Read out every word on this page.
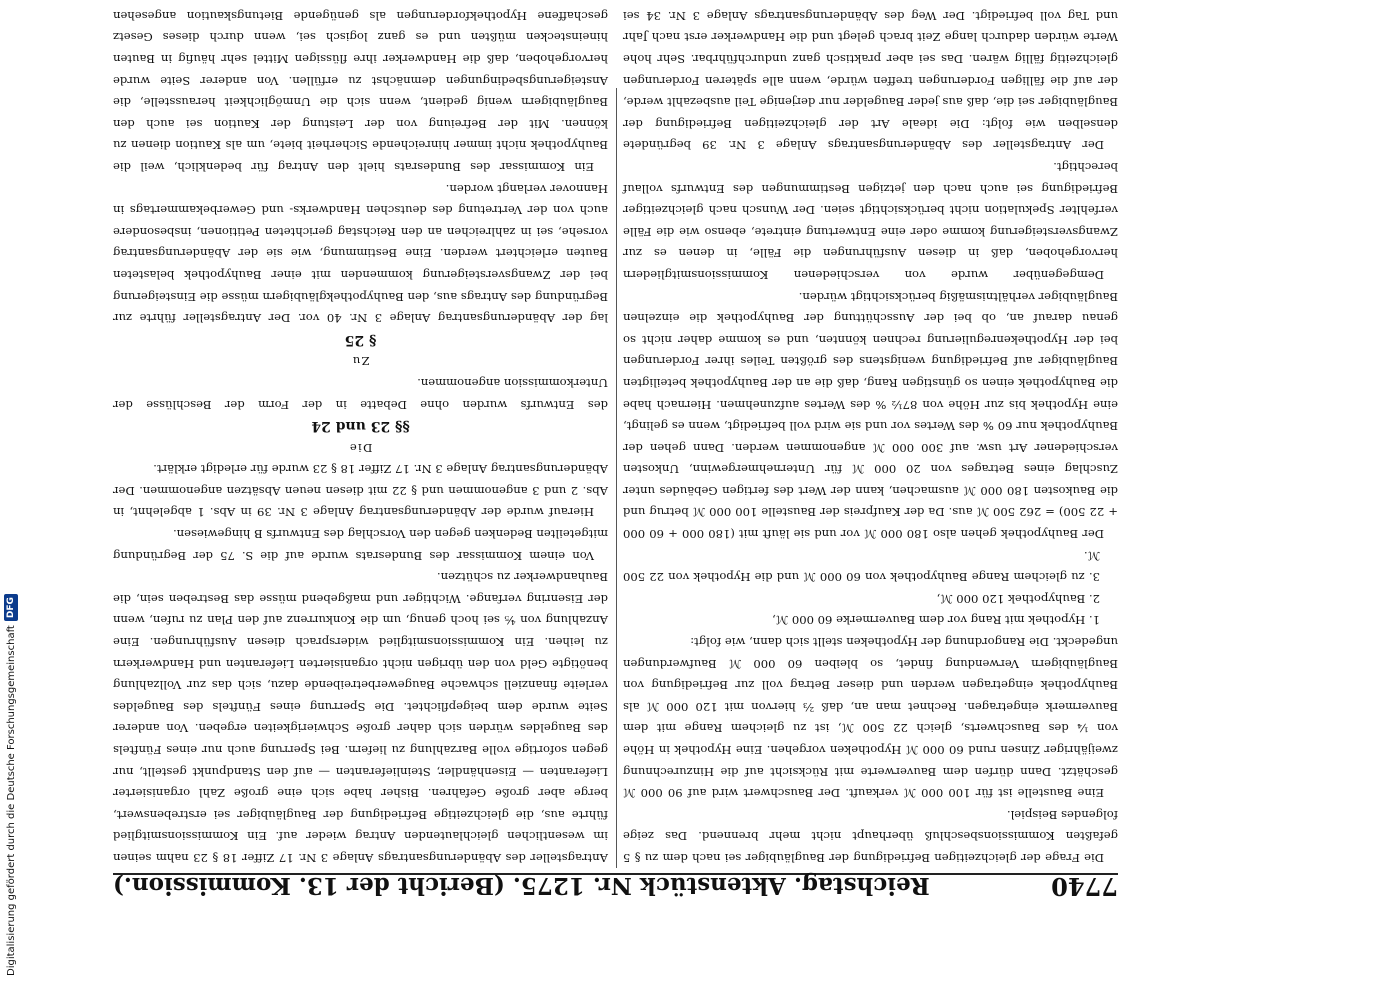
7740
Reichstag. Aktenstück Nr. 1275. (Bericht der 13. Kommission.)

Die Frage der gleichzeitigen Befriedigung der Baugläubiger sei nach dem zu § 5 gefaßten Kommissionsbeschluß überhaupt nicht mehr brennend. Das zeige folgendes Beispiel.

Eine Baustelle ist für 100 000 ℳ verkauft. Der Bauschwert wird auf 90 000 ℳ geschätzt. Dann dürfen dem Bauverwerte mit Rücksicht auf die Hinzurechnung zweijähriger Zinsen rund 60 000 ℳ Hypotheken vorgehen. Eine Hypothek in Höhe von ¼ des Bauschwerts, gleich 22 500 ℳ, ist zu gleichem Range mit dem Bauvermerk eingetragen. Rechnet man an, daß ²⁄₃ hiervon mit 120 000 ℳ als Bauhypothek eingetragen werden und dieser Betrag voll zur Befriedigung von Baugläubigern Verwendung findet, so bleiben 60 000 ℳ Baufwerdungen ungedeckt. Die Rangordnung der Hypotheken stellt sich dann, wie folgt:

1. Hypothek mit Rang vor dem Bauvermerke 60 000 ℳ,

2. Bauhypothek 120 000 ℳ,

3. zu gleichem Range Bauhypothek von 60 000 ℳ und die Hypothek von 22 500 ℳ.

Der Bauhypothek gehen also 180 000 ℳ vor und sie läuft mit (180 000 + 60 000 + 22 500) = 262 500 ℳ aus. Da der Kaufpreis der Baustelle 100 000 ℳ betrug und die Baukosten 180 000 ℳ ausmachen, kann der Wert des fertigen Gebäudes unter Zuschlag eines Betrages von 20 000 ℳ für Unternehmergewinn, Unkosten verschiedener Art usw. auf 300 000 ℳ angenommen werden. Dann gehen der Bauhypothek nur 60 % des Wertes vor und sie wird voll befriedigt, wenn es gelingt, eine Hypothek bis zur Höhe von 87½ % des Wertes aufzunehmen. Hiernach habe die Bauhypothek einen so günstigen Rang, daß die an der Bauhypothek beteiligten Baugläubiger auf Befriedigung wenigstens des größten Teiles ihrer Forderungen bei der Hypothekenregulierung rechnen könnten, und es komme daher nicht so genau darauf an, ob bei der Ausschüttung der Bauhypothek die einzelnen Baugläubiger verhältnismäßig berücksichtigt würden.

Demgegenüber wurde von verschiedenen Kommissionsmitgliedern hervorgehoben, daß in diesen Ausführungen die Fälle, in denen es zur Zwangsversteigerung komme oder eine Entwertung eintrete, ebenso wie die Fälle verfehlter Spekulation nicht berücksichtigt seien. Der Wunsch nach gleichzeitiger Befriedigung sei auch nach den jetzigen Bestimmungen des Entwurfs vollauf berechtigt.

Der Antragsteller des Abänderungsantrags Anlage 3 Nr. 39 begründete denselben wie folgt: Die ideale Art der gleichzeitigen Befriedigung der Baugläubiger sei die, daß aus jeder Baugelder nur derjenige Teil ausbezahlt werde, der auf die fälligen Forderungen treffen würde, wenn alle späteren Forderungen gleichzeitig fällig wären. Das sei aber praktisch ganz undurchführbar. Sehr hohe Werte würden dadurch lange Zeit brach gelegt und die Handwerker erst nach Jahr und Tag voll befriedigt. Der Weg des Abänderungsantrags Anlage 3 Nr. 34 sei

Antragsteller des Abänderungsantrags Anlage 3 Nr. 17 Ziffer 18 § 23 nahm seinen im wesentlichen gleichlautenden Antrag wieder auf. Ein Kommissionsmitglied führte aus, die gleichzeitige Befriedigung der Baugläubiger sei erstrebenswert, berge aber große Gefahren. Bisher habe sich eine große Zahl organisierter Lieferanten — Eisenhändler, Steinlieferanten — auf den Standpunkt gestellt, nur gegen sofortige volle Barzahlung zu liefern. Bei Sperrung auch nur eines Fünftels des Baugeldes würden sich daher große Schwierigkeiten ergeben. Von anderer Seite wurde dem beigepflichtet. Die Sperrung eines Fünftels des Baugeldes verleite finanziell schwache Baugewerbetreibende dazu, sich das zur Vollzahlung benötigte Geld von den übrigen nicht organisierten Lieferanten und Handwerkern zu leihen. Ein Kommissionsmitglied widersprach diesen Ausführungen. Eine Anzahlung von ⁴⁄₅ sei hoch genug, um die Konkurrenz auf den Plan zu rufen, wenn der Eisenring verfange. Wichtiger und maßgebend müsse das Bestreben sein, die Bauhandwerker zu schützen.

Von einem Kommissar des Bundesrats wurde auf die S. 75 der Begründung mitgeteilten Bedenken gegen den Vorschlag des Entwurfs B hingewiesen.

Hierauf wurde der Abänderungsantrag Anlage 3 Nr. 39 in Abs. 1 abgelehnt, in Abs. 2 und 3 angenommen und § 22 mit diesen neuen Absätzen angenommen. Der Abänderungsantrag Anlage 3 Nr. 17 Ziffer 18 § 23 wurde für erledigt erklärt.

Die

§§ 23 und 24

des Entwurfs wurden ohne Debatte in der Form der Beschlüsse der Unterkommission angenommen.

Zu

§ 25

lag der Abänderungsantrag Anlage 3 Nr. 40 vor. Der Antragsteller führte zur Begründung des Antrags aus, den Bauhypothekgläubigern müsse die Einsteigerung bei der Zwangsversteigerung kommenden mit einer Bauhypothek belasteten Bauten erleichtert werden. Eine Bestimmung, wie sie der Abänderungsantrag vorsehe, sei in zahlreichen an den Reichstag gerichteten Petitionen, insbesondere auch von der Vertretung des deutschen Handwerks- und Gewerbekammertags in Hannover verlangt worden.

Ein Kommissar des Bundesrats hielt den Antrag für bedenklich, weil die Bauhypothek nicht immer hinreichende Sicherheit biete, um als Kaution dienen zu können. Mit der Befreiung von der Leistung der Kaution sei auch den Baugläubigern wenig gedient, wenn sich die Unmöglichkeit herausstelle, die Ansteigerungsbedingungen demnächst zu erfüllen. Von anderer Seite wurde hervorgehoben, daß die Handwerker ihre flüssigen Mittel sehr häufig in Bauten hineinstecken müßten und es ganz logisch sei, wenn durch dieses Gesetz geschaffene Hypothekforderungen als genügende Bietungskaution angesehen

Digitalisierung gefördert durch die Deutsche Forschungsgemeinschaft
DFG
